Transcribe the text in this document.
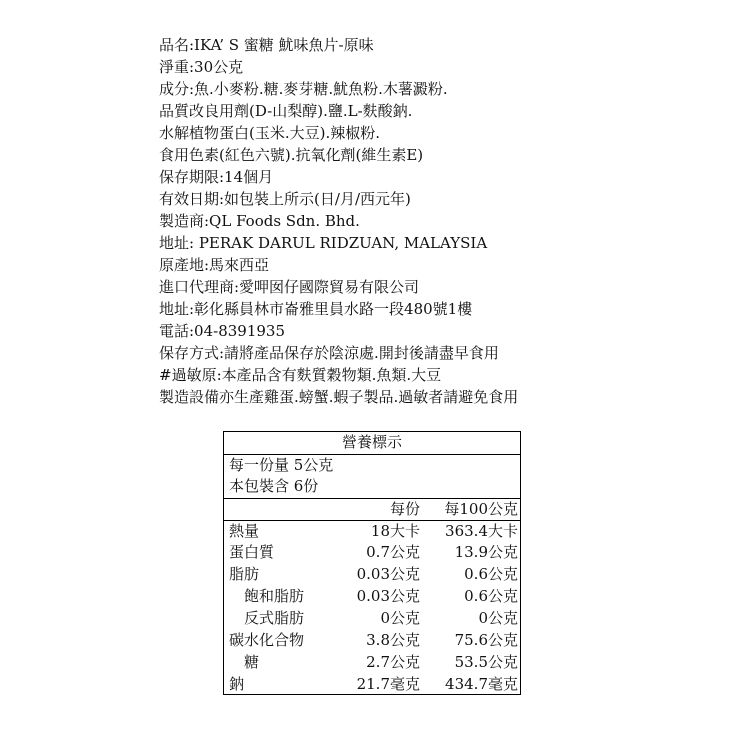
品名:IKA’ S 蜜糖 魷味魚片-原味
淨重:30公克
成分:魚.小麥粉.糖.麥芽糖.魷魚粉.木薯澱粉.
品質改良用劑(D-山梨醇).鹽.L-麩酸鈉.
水解植物蛋白(玉米.大豆).辣椒粉.
食用色素(紅色六號).抗氧化劑(維生素E)
保存期限:14個月
有效日期:如包裝上所示(日/月/西元年)
製造商:QL Foods Sdn. Bhd.
地址: PERAK DARUL RIDZUAN, MALAYSIA
原產地:馬來西亞
進口代理商:愛呷囡仔國際貿易有限公司
地址:彰化縣員林市崙雅里員水路一段480號1樓
電話:04-8391935
保存方式:請將產品保存於陰涼處.開封後請盡早食用
#過敏原:本產品含有麩質穀物類.魚類.大豆
製造設備亦生產雞蛋.螃蟹.蝦子製品.過敏者請避免食用
營養標示
每一份量 5公克
本包裝含 6份
每份 每100公克
熱量	18大卡 363.4大卡
蛋白質	0.7公克 13.9公克
脂肪	0.03公克	0.6公克
飽和脂肪	0.03公克	0.6公克
反式脂肪	0公克	0公克
碳水化合物	3.8公克 75.6公克
糖	2.7公克 53.5公克
鈉	21.7毫克 434.7毫克
